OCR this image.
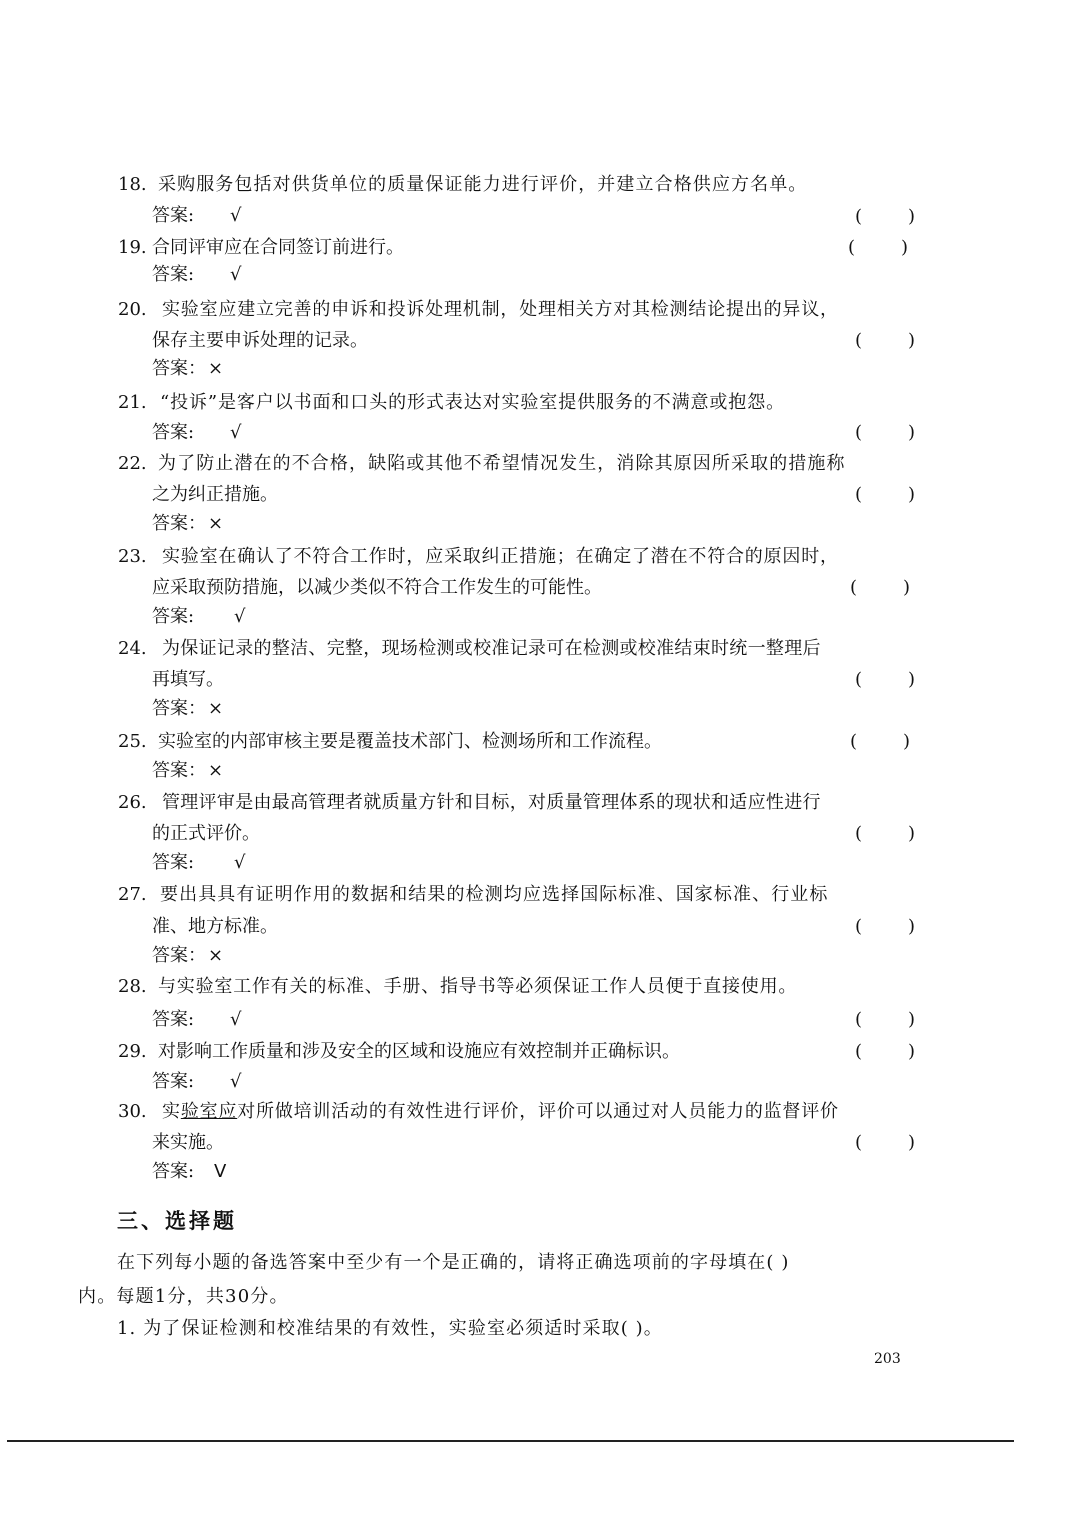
18. 采购服务包括对供货单位的质量保证能力进行评价，并建立合格供应方名单。
答案: √	(	)
19. 合同评审应在合同签订前进行。	(	)
答案: √
20. 实验室应建立完善的申诉和投诉处理机制，处理相关方对其检测结论提出的异议，
保存主要申诉处理的记录。	(	)
答案： ×
21. “投诉”是客户以书面和口头的形式表达对实验室提供服务的不满意或抱怨。
答案: √	(	)
22. 为了防止潜在的不合格，缺陷或其他不希望情况发生，消除其原因所采取的措施称
之为纠正措施。	(	)
答案： ×
23. 实验室在确认了不符合工作时，应采取纠正措施；在确定了潜在不符合的原因时，
应采取预防措施，以减少类似不符合工作发生的可能性。	(	)
答案: √
24. 为保证记录的整洁、完整，现场检测或校准记录可在检测或校准结束时统一整理后
再填写。	(	)
答案： ×
25. 实验室的内部审核主要是覆盖技术部门、检测场所和工作流程。	(	)
答案： ×
26. 管理评审是由最高管理者就质量方针和目标，对质量管理体系的现状和适应性进行
的正式评价。	(	)
答案: √
27. 要出具具有证明作用的数据和结果的检测均应选择国际标准、国家标准、行业标
准、地方标准。	(	)
答案： ×
28. 与实验室工作有关的标准、手册、指导书等必须保证工作人员便于直接使用。
答案: √	(	)
29. 对影响工作质量和涉及安全的区域和设施应有效控制并正确标识。	(	)
答案: √
30. 实验室应对所做培训活动的有效性进行评价，评价可以通过对人员能力的监督评价
来实施。	(	)
答案: V
三、选择题
在下列每小题的备选答案中至少有一个是正确的，请将正确选项前的字母填在( )
内。每题1分，共30分。
1. 为了保证检测和校准结果的有效性，实验室必须适时采取( )。
203
